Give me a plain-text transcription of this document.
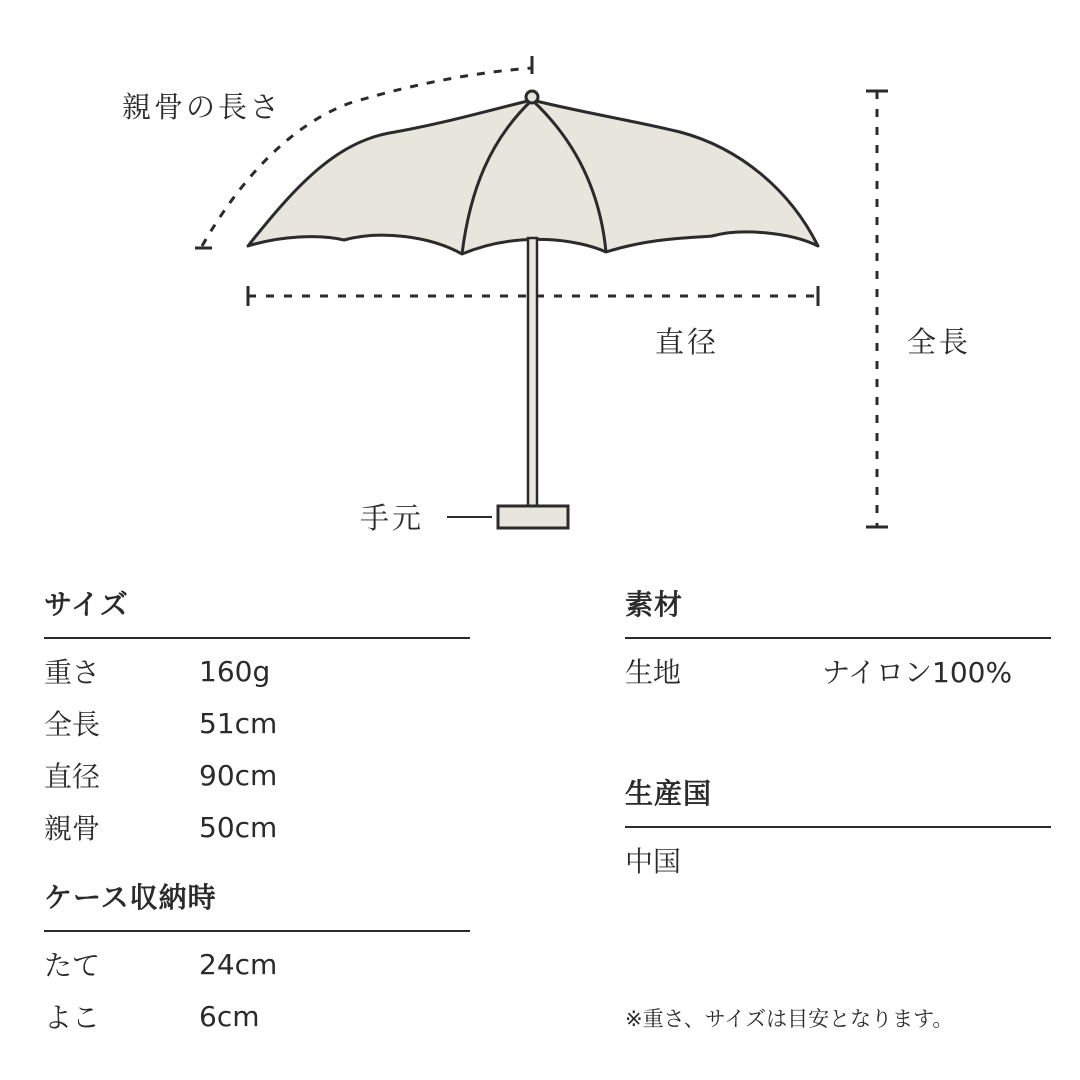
親骨の長さ
直径	全長
手元
サイズ
重さ	160g
全長	51cm
直径	90cm
親骨	50cm
ケース収納時
たて	24cm
よこ	6cm
素材
生地	ナイロン100%
生産国
中国
※重さ、サイズは目安となります。
